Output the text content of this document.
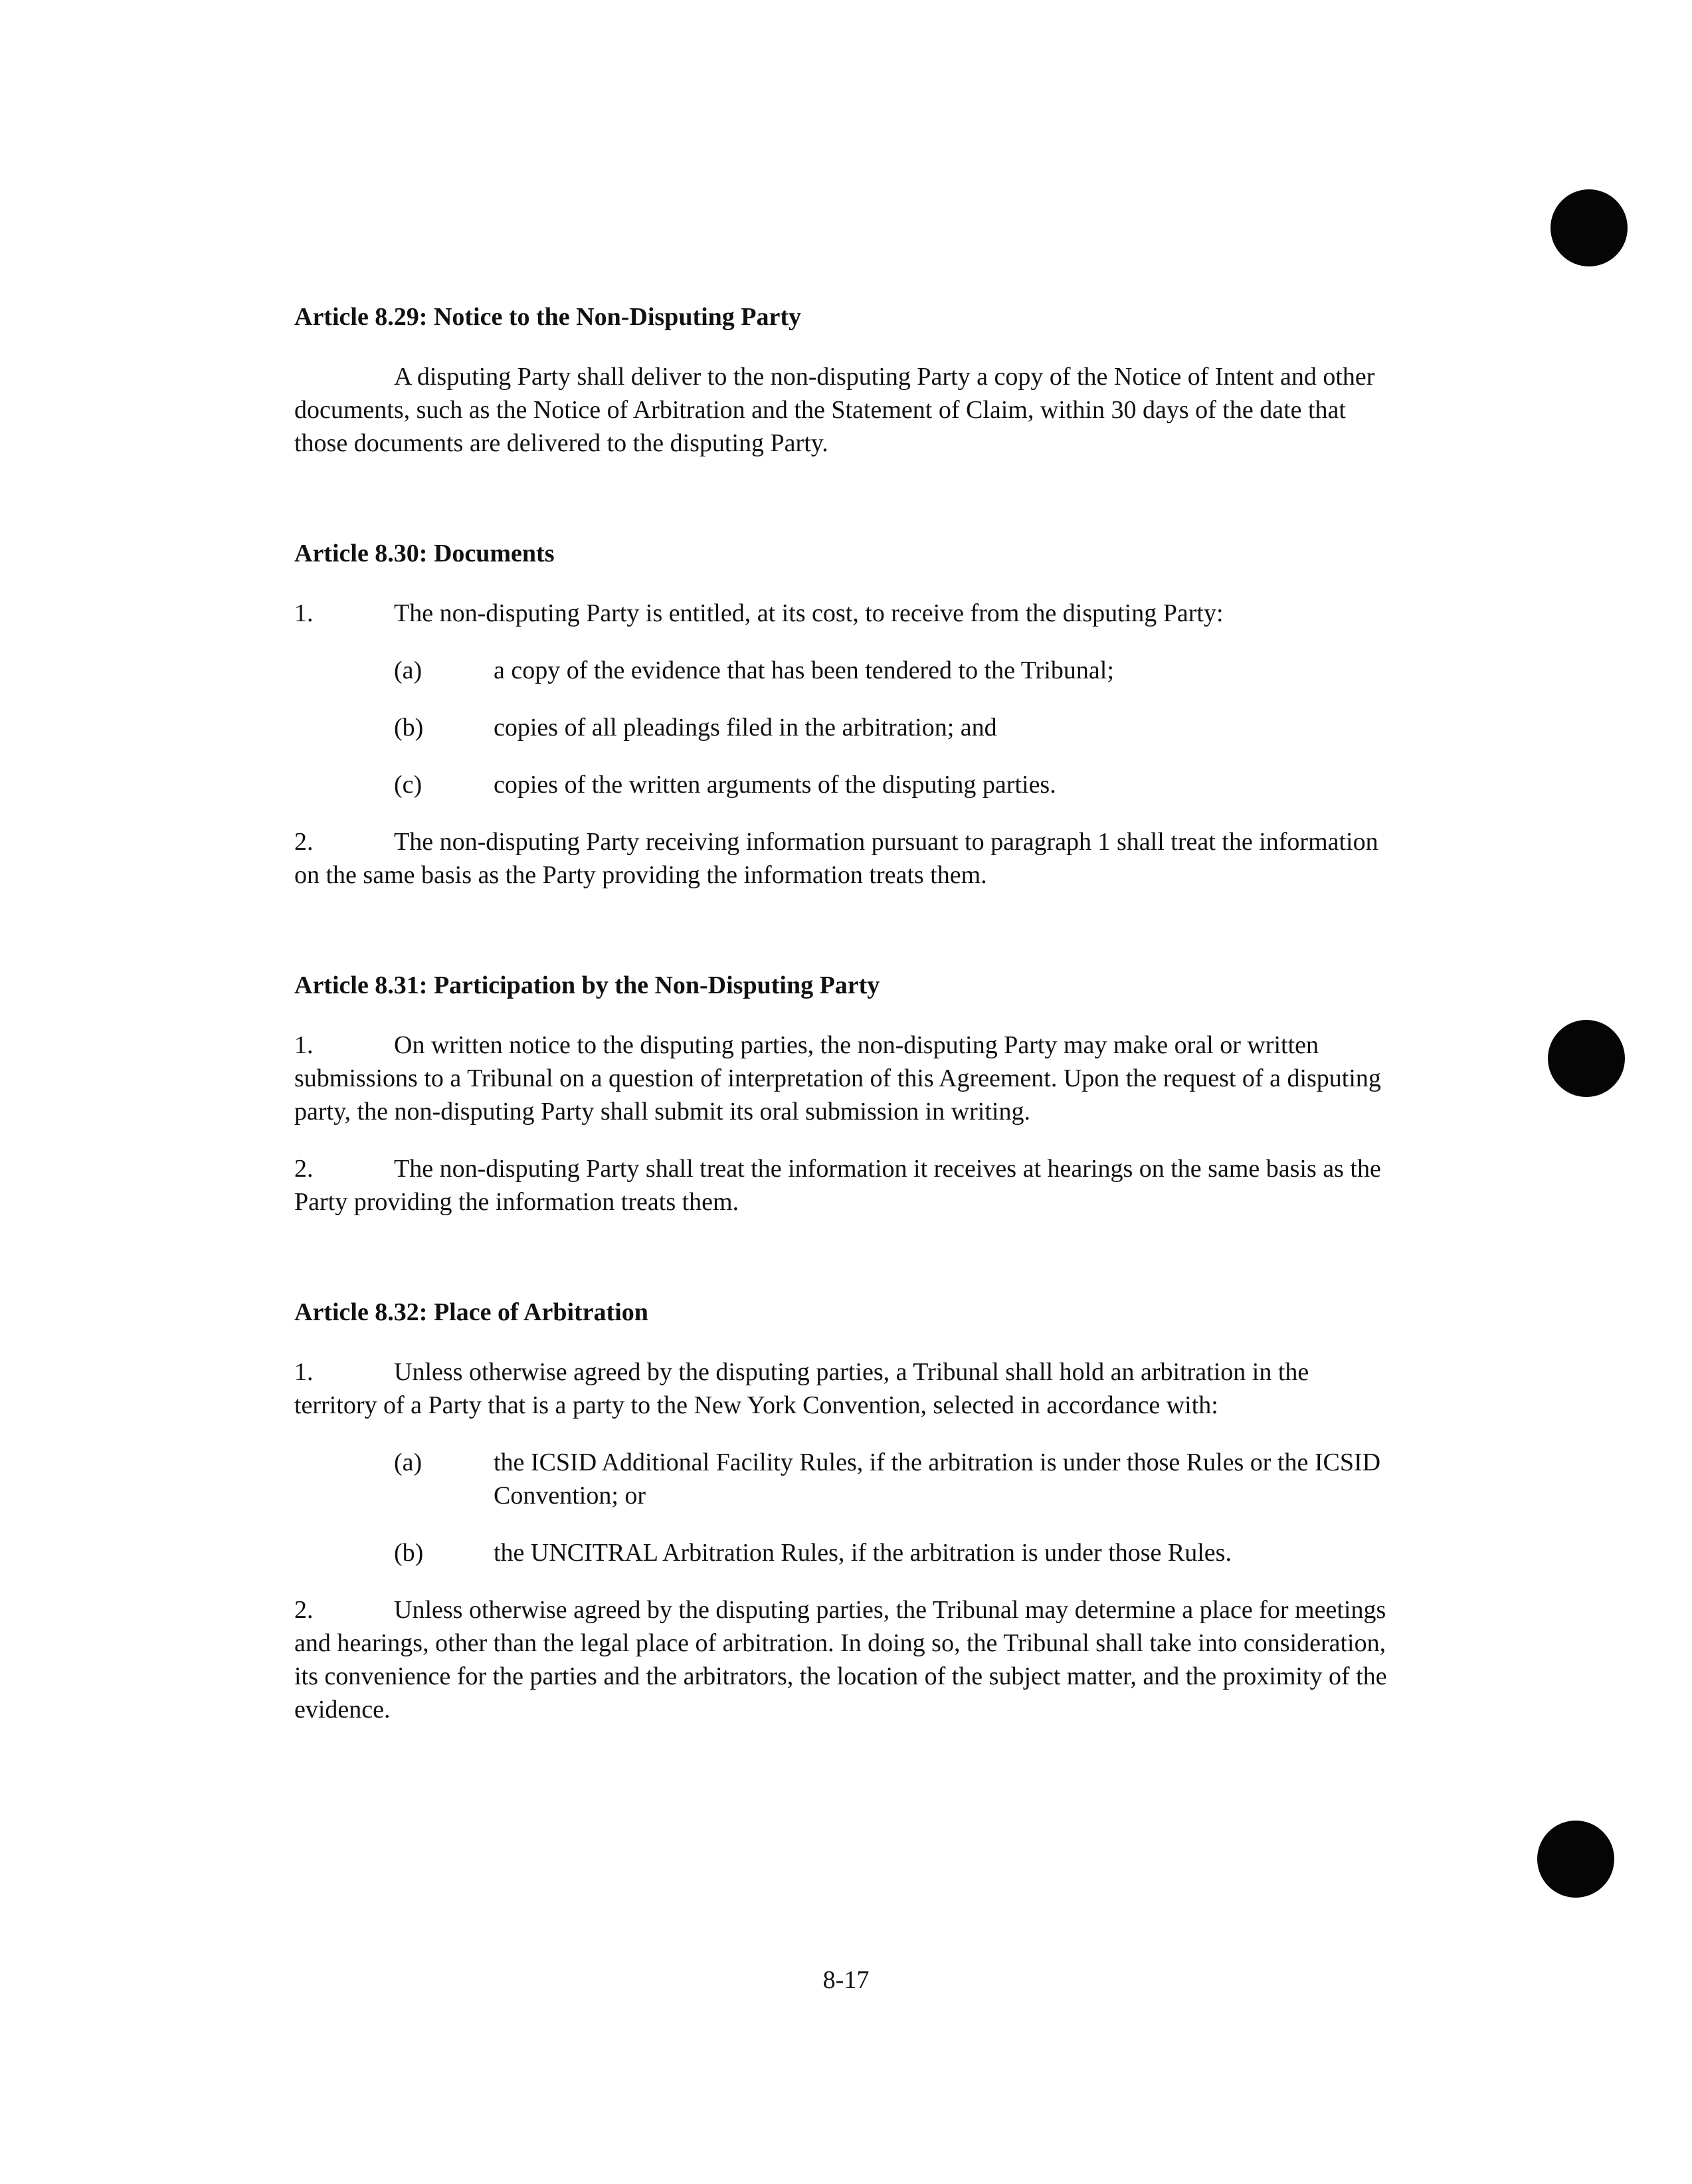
Article 8.29: Notice to the Non-Disputing Party

A disputing Party shall deliver to the non-disputing Party a copy of the Notice of Intent and other documents, such as the Notice of Arbitration and the Statement of Claim, within 30 days of the date that those documents are delivered to the disputing Party.

Article 8.30: Documents

1.	The non-disputing Party is entitled, at its cost, to receive from the disputing Party:

(a)	a copy of the evidence that has been tendered to the Tribunal;
(b)	copies of all pleadings filed in the arbitration; and
(c)	copies of the written arguments of the disputing parties.

2.	The non-disputing Party receiving information pursuant to paragraph 1 shall treat the information on the same basis as the Party providing the information treats them.

Article 8.31: Participation by the Non-Disputing Party

1.	On written notice to the disputing parties, the non-disputing Party may make oral or written submissions to a Tribunal on a question of interpretation of this Agreement. Upon the request of a disputing party, the non-disputing Party shall submit its oral submission in writing.

2.	The non-disputing Party shall treat the information it receives at hearings on the same basis as the Party providing the information treats them.

Article 8.32: Place of Arbitration

1.	Unless otherwise agreed by the disputing parties, a Tribunal shall hold an arbitration in the territory of a Party that is a party to the New York Convention, selected in accordance with:

(a)	the ICSID Additional Facility Rules, if the arbitration is under those Rules or the ICSID Convention; or
(b)	the UNCITRAL Arbitration Rules, if the arbitration is under those Rules.

2.	Unless otherwise agreed by the disputing parties, the Tribunal may determine a place for meetings and hearings, other than the legal place of arbitration. In doing so, the Tribunal shall take into consideration, its convenience for the parties and the arbitrators, the location of the subject matter, and the proximity of the evidence.

8-17
